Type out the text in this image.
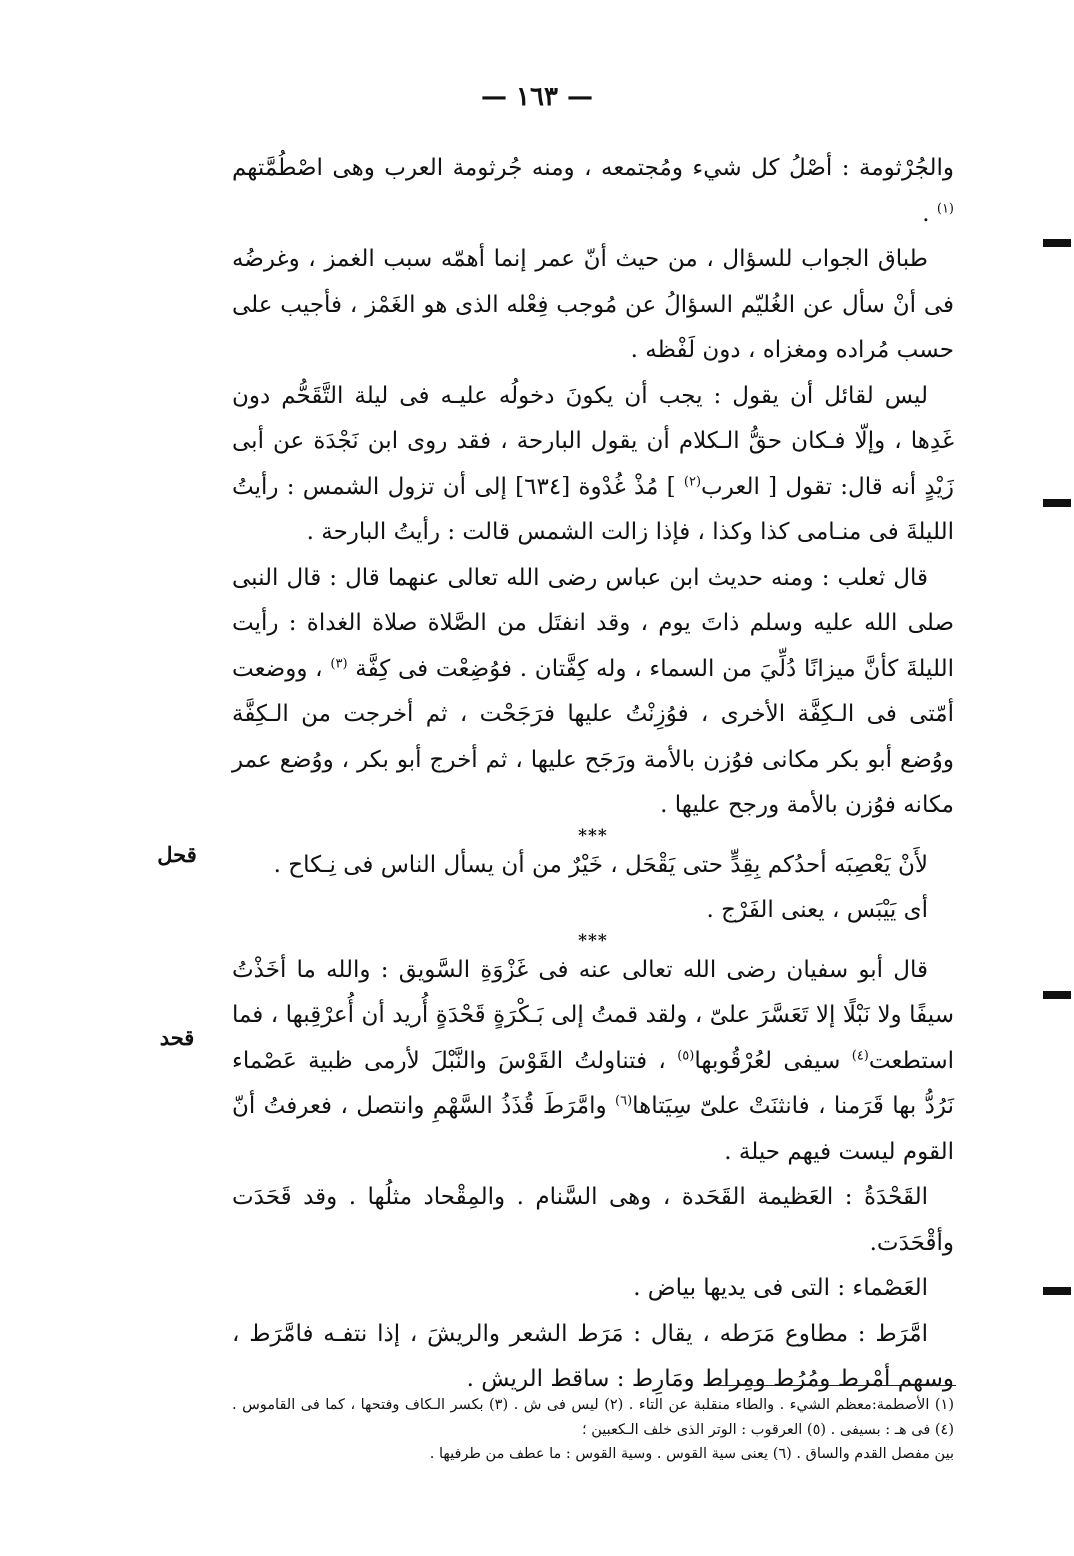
— ١٦٣ —

والجُرْثومة : أصْلُ كل شيء ومُجتمعه ، ومنه جُرثومة العرب وهى اصْطُمَّتهم $^{(١)}$ .

طباق الجواب للسؤال ، من حيث أنّ عمر إنما أهمّه سبب الغمز ، وغرضُه فى أنْ سأل عن الغُليّم السؤالُ عن مُوجب فِعْله الذى هو الغَمْز ، فأجيب على حسب مُراده ومغزاه ، دون لَفْظه .

ليس لقائل أن يقول : يجب أن يكونَ دخولُه عليـه فى ليلة التَّقَحُّم دون غَدِها ، وإلّا فـكان حقُّ الـكلام أن يقول البارحة ، فقد روى ابن نَجْدَة عن أبى زَيْدٍ أنه قال: تقول [ العرب$^{(٢)}$ ] مُذْ غُدْوة [٦٣٤] إلى أن تزول الشمس : رأيتُ الليلةَ فى منـامى كذا وكذا ، فإذا زالت الشمس قالت : رأيتُ البارحة .

قال ثعلب : ومنه حديث ابن عباس رضى الله تعالى عنهما قال : قال النبى صلى الله عليه وسلم ذاتَ يوم ، وقد انفتَل من الصَّلاة صلاة الغداة : رأيت الليلةَ كأنَّ ميزانًا دُلِّيَ من السماء ، وله كِفَّتان . فوُضِعْت فى كِفَّة $^{(٣)}$ ، ووضعت أمّتى فى الـكِفَّة الأخرى ، فوُزِنْتُ عليها فرَجَحْت ، ثم أخرجت من الـكِفَّة ووُضع أبو بكر مكانى فوُزن بالأمة ورَجَح عليها ، ثم أخرج أبو بكر ، ووُضع عمر مكانه فوُزن بالأمة ورجح عليها .

***

لأَنْ يَعْصِبَه أحدُكم بِقِدٍّ حتى يَقْحَل ، خَيْرٌ من أن يسأل الناس فى نِـكاح .

أى يَيْبَس ، يعنى الفَرْج .

***

قال أبو سفيان رضى الله تعالى عنه فى غَزْوَةِ السَّويق : والله ما أخَذْتُ سيفًا ولا نَبْلًا إلا تَعَسَّرَ علىّ ، ولقد قمتُ إلى بَـكْرَةٍ قَحْدَةٍ أُريد أن أُعرْقِبها ، فما استطعت$^{(٤)}$ سيفى لعُرْقُوبها$^{(٥)}$ ، فتناولتُ القَوْسَ والنَّبْلَ لأرمى ظبية عَصْماء نَرُدُّ بها قَرَمنا ، فانثنَتْ علىّ سِيَتاها$^{(٦)}$ وامَّرَطَ قُذَذُ السَّهْمِ وانتصل ، فعرفتُ أنّ القوم ليست فيهم حيلة .

القَحْدَةُ : العَظيمة القَحَدة ، وهى السَّنام . والمِقْحاد مثلُها . وقد قَحَدَت وأقْحَدَت.

العَصْماء : التى فى يديها بياض .

امَّرَط : مطاوع مَرَطه ، يقال : مَرَط الشعر والريشَ ، إذا نتفـه فامَّرَط ، وسهم أمْرط ومُرُط ومِراط ومَارِط : ساقط الريش .

قحل
قحد

(١) الأصطمة:معظم الشيء . والطاء منقلبة عن التاء . (٢) ليس فى ش . (٣) بكسر الـكاف وفتحها ، كما فى القاموس . (٤) فى هـ : بسيفى . (٥) العرقوب : الوتر الذى خلف الـكعبين ؛

بين مفصل القدم والساق . (٦) يعنى سية القوس . وسية القوس : ما عطف من طرفيها .
